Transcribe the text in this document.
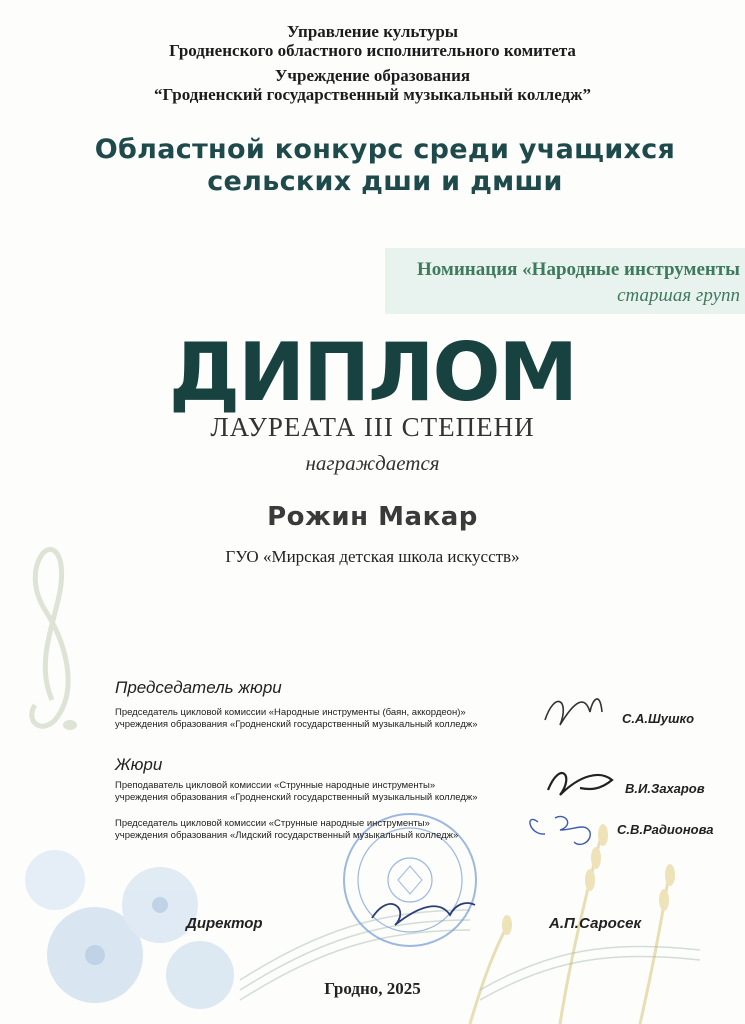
Управление культуры
Гродненского областного исполнительного комитета
Учреждение образования
“Гродненский государственный музыкальный колледж”
Областной конкурс среди учащихся
сельских дши и дмши
Номинация «Народные инструменты
старшая групп
ДИПЛОМ
ЛАУРЕАТА III СТЕПЕНИ
награждается
Рожин Макар
ГУО «Мирская детская школа искусств»
Председатель жюри
Председатель цикловой комиссии «Народные инструменты (баян, аккордеон)»
учреждения образования «Гродненский государственный музыкальный колледж»	С.А.Шушко
Жюри
Преподаватель цикловой комиссии «Струнные народные инструменты»
учреждения образования «Гродненский государственный музыкальный колледж»
В.И.Захаров
Председатель цикловой комиссии «Струнные народные инструменты»
учреждения образования «Лидский государственный музыкальный колледж»	С.В.Радионова
Директор	А.П.Саросек
Гродно, 2025
